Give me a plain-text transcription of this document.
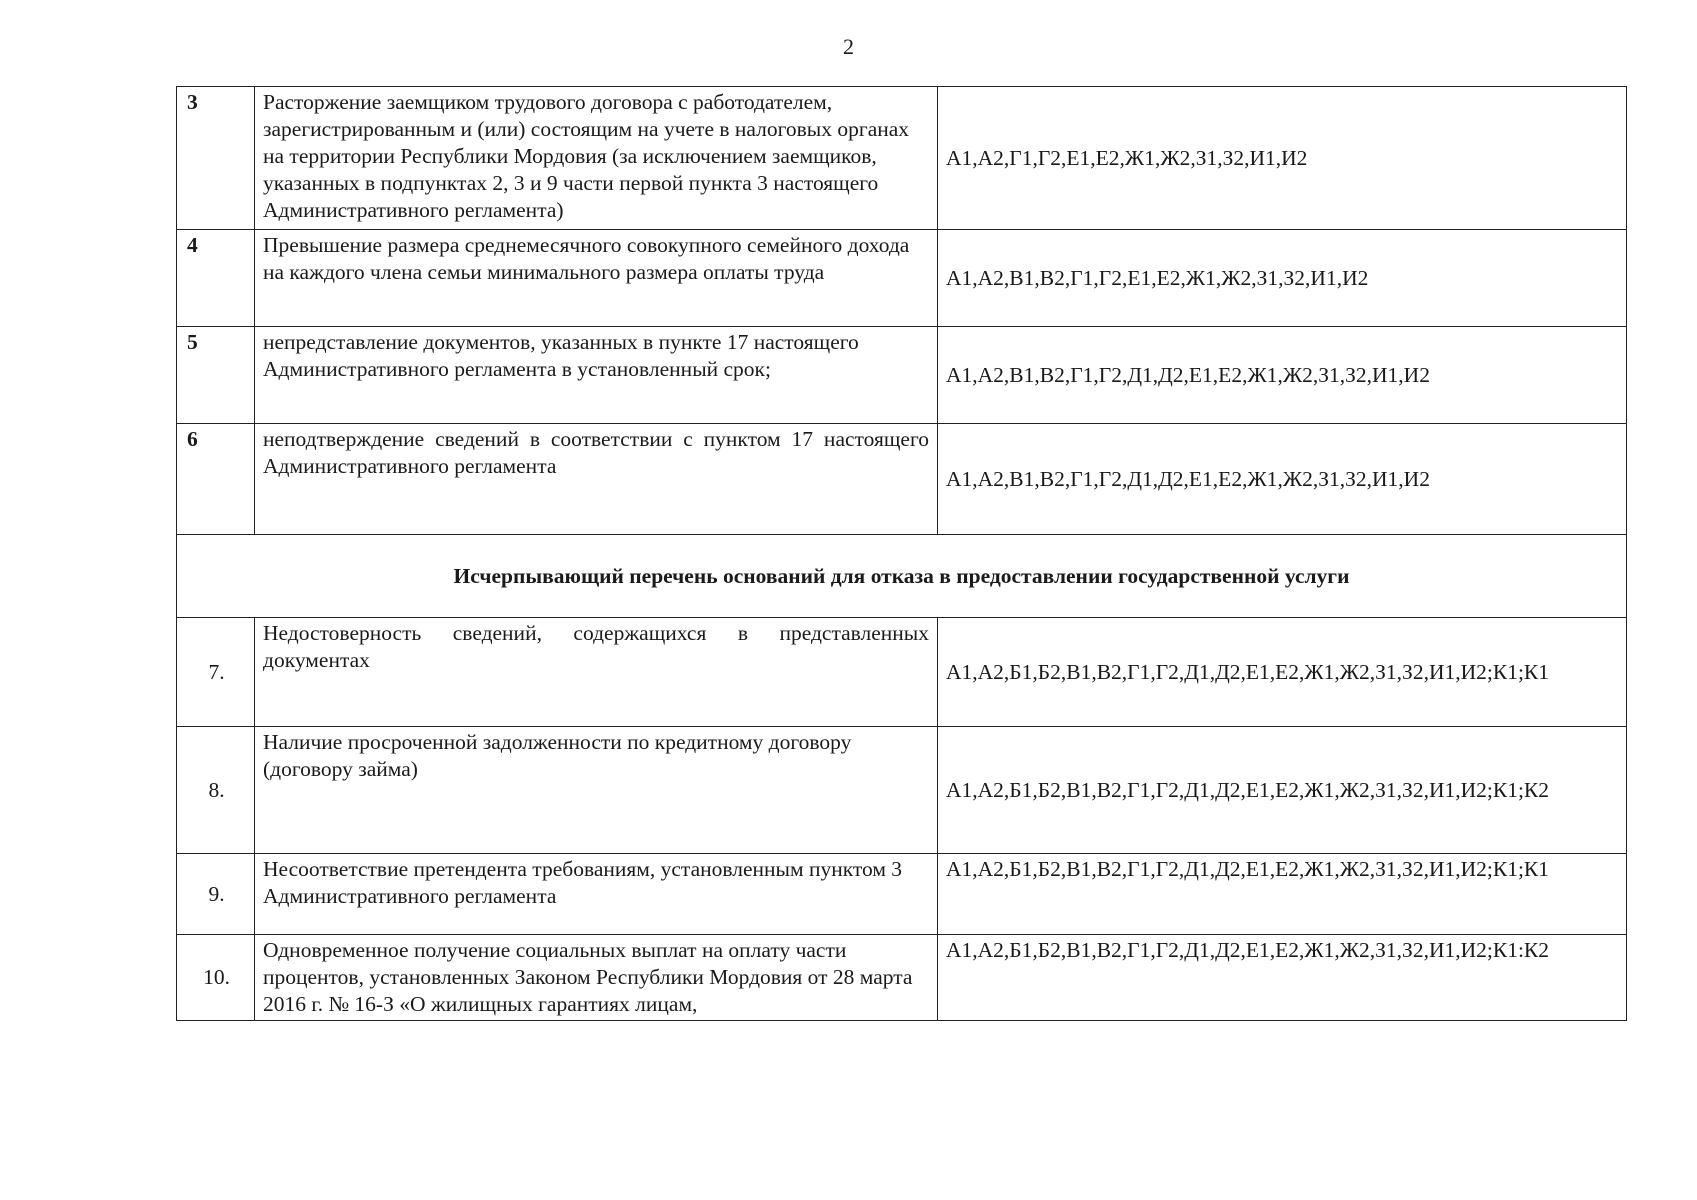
2
3	Расторжение заемщиком трудового договора с работодателем, зарегистрированным и (или) состоящим на учете в налоговых органах на территории Республики Мордовия (за исключением заемщиков, указанных в подпунктах 2, 3 и 9 части первой пункта 3 настоящего Административного регламента)	А1,А2,Г1,Г2,Е1,Е2,Ж1,Ж2,З1,З2,И1,И2
4	Превышение размера среднемесячного совокупного семейного дохода на каждого члена семьи минимального размера оплаты труда	А1,А2,В1,В2,Г1,Г2,Е1,Е2,Ж1,Ж2,З1,З2,И1,И2
5	непредставление документов, указанных в пункте 17 настоящего Административного регламента в установленный срок;	А1,А2,В1,В2,Г1,Г2,Д1,Д2,Е1,Е2,Ж1,Ж2,З1,З2,И1,И2
6	неподтверждение сведений в соответствии с пунктом 17 настоящего Административного регламента	А1,А2,В1,В2,Г1,Г2,Д1,Д2,Е1,Е2,Ж1,Ж2,З1,З2,И1,И2
Исчерпывающий перечень оснований для отказа в предоставлении государственной услуги		
7.	Недостоверность сведений, содержащихся в представленных документах	А1,А2,Б1,Б2,В1,В2,Г1,Г2,Д1,Д2,Е1,Е2,Ж1,Ж2,З1,З2,И1,И2;К1;К1
8.	Наличие просроченной задолженности по кредитному договору (договору займа)	А1,А2,Б1,Б2,В1,В2,Г1,Г2,Д1,Д2,Е1,Е2,Ж1,Ж2,З1,З2,И1,И2;К1;К2
9.	Несоответствие претендента требованиям, установленным пунктом 3 Административного регламента	А1,А2,Б1,Б2,В1,В2,Г1,Г2,Д1,Д2,Е1,Е2,Ж1,Ж2,З1,З2,И1,И2;К1;К1
10.	Одновременное получение социальных выплат на оплату части процентов, установленных Законом Республики Мордовия от 28 марта 2016 г. № 16-З «О жилищных гарантиях лицам,	А1,А2,Б1,Б2,В1,В2,Г1,Г2,Д1,Д2,Е1,Е2,Ж1,Ж2,З1,З2,И1,И2;К1:К2
